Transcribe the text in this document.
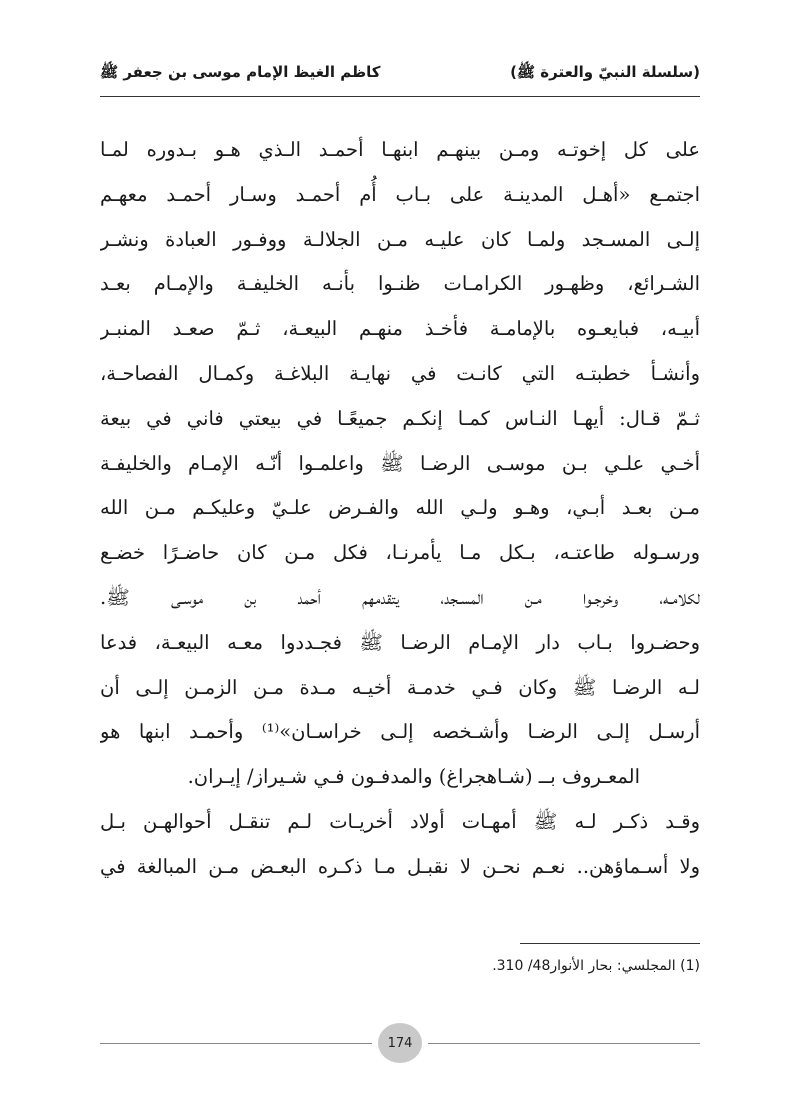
(سلسلة النبيّ والعترة ﷺ)
كاظم الغيظ الإمام موسى بن جعفر ﷺ
على كل إخوتـه ومـن بينهـم ابنهـا أحمـد الـذي هـو بـدوره لمـا
اجتمـع «أهـل المدينـة على بـاب أُم أحمـد وسـار أحمـد معهـم
إلـى المسـجد ولمـا كان عليـه مـن الجلالـة ووفـور العبادة ونشـر
الشـرائع، وظهـور الكرامـات ظنـوا بأنـه الخليفـة والإمـام بعـد
أبيـه، فبايعـوه بالإمامـة فأخـذ منهـم البيعـة، ثـمّ صعـد المنبـر
وأنشـأ خطبتـه التي كانـت في نهايـة البلاغـة وكمـال الفصاحـة،
ثـمّ قـال: أيهـا النـاس كمـا إنكـم جميعًـا في بيعتي فاني في بيعة
أخـي علـي بـن موسـى الرضـا ﷺ واعلمـوا أنّـه الإمـام والخليفـة
مـن بعـد أبـي، وهـو ولـي الله والفـرض علـيّ وعليكـم مـن الله
ورسـوله طاعتـه، بـكل مـا يأمرنـا، فكل مـن كان حاضـرًا خضـع
لكلامـه، وخرجـوا مـن المسـجد، يتقدمهم أحمد بن موسـى ﷺ.
وحضـروا بـاب دار الإمـام الرضـا ﷺ فجـددوا معـه البيعـة، فدعا
لـه الرضـا ﷺ وكان فـي خدمـة أخيـه مـدة مـن الزمـن إلـى أن
أرسـل إلـى الرضـا وأشـخصه إلـى خراسـان»⁽¹⁾ وأحمـد ابنها هو
المعـروف بــ (شـاهجراغ) والمدفـون فـي شـيراز/ إيـران.
وقـد ذكـر لـه ﷺ أمهـات أولاد أخريـات لـم تنقـل أحوالهـن بـل
ولا أسـماؤهن.. نعـم نحـن لا نقبـل مـا ذكـره البعـض مـن المبالغة في
(1) المجلسي: بحار الأنوار48/ 310.
174
